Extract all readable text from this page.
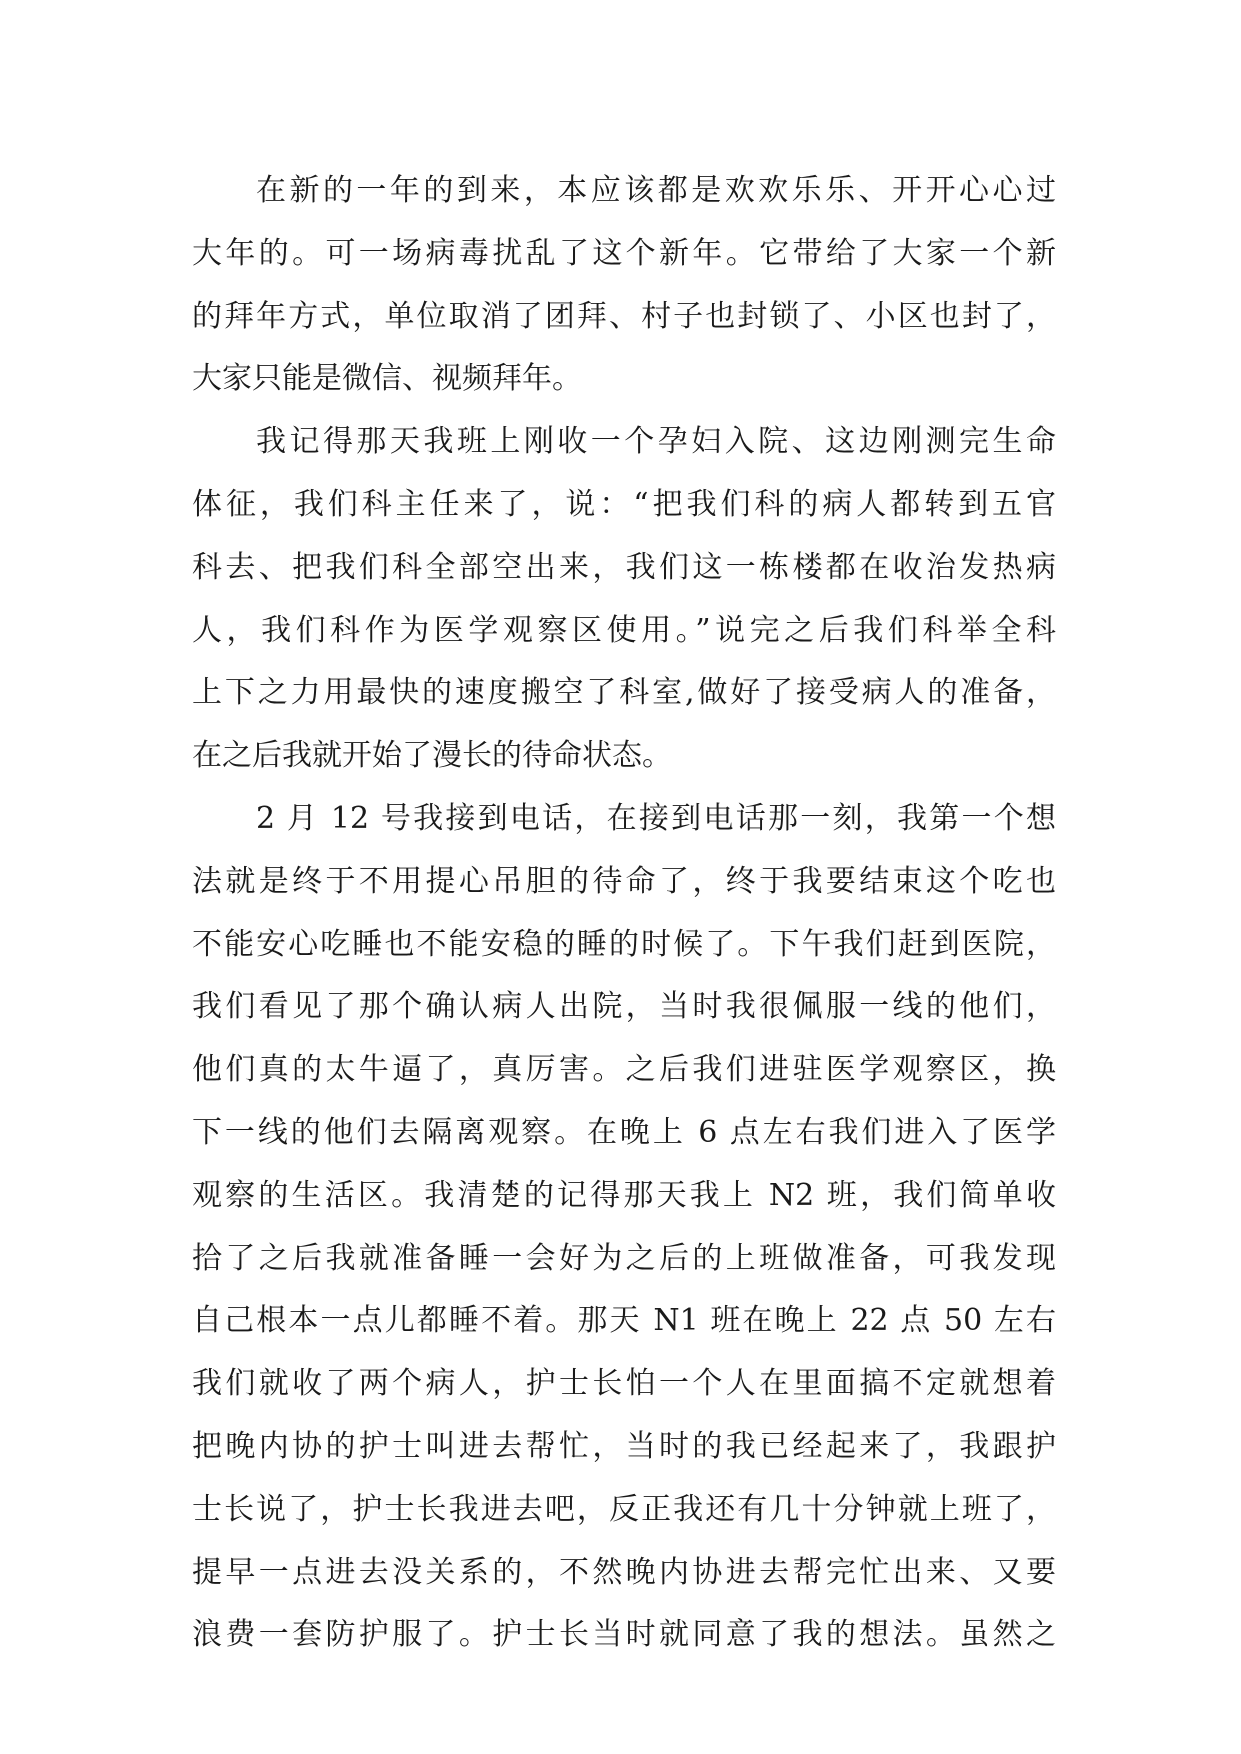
在新的一年的到来，本应该都是欢欢乐乐、开开心心过
大年的。可一场病毒扰乱了这个新年。它带给了大家一个新
的拜年方式，单位取消了团拜、村子也封锁了、小区也封了，
大家只能是微信、视频拜年。
我记得那天我班上刚收一个孕妇入院、这边刚测完生命
体征，我们科主任来了，说：“把我们科的病人都转到五官
科去、把我们科全部空出来，我们这一栋楼都在收治发热病
人，我们科作为医学观察区使用。”说完之后我们科举全科
上下之力用最快的速度搬空了科室,做好了接受病人的准备，
在之后我就开始了漫长的待命状态。
2 月 12 号我接到电话，在接到电话那一刻，我第一个想
法就是终于不用提心吊胆的待命了，终于我要结束这个吃也
不能安心吃睡也不能安稳的睡的时候了。下午我们赶到医院，
我们看见了那个确认病人出院，当时我很佩服一线的他们，
他们真的太牛逼了，真厉害。之后我们进驻医学观察区，换
下一线的他们去隔离观察。在晚上 6 点左右我们进入了医学
观察的生活区。我清楚的记得那天我上 N2 班，我们简单收
拾了之后我就准备睡一会好为之后的上班做准备，可我发现
自己根本一点儿都睡不着。那天 N1 班在晚上 22 点 50 左右
我们就收了两个病人，护士长怕一个人在里面搞不定就想着
把晚内协的护士叫进去帮忙，当时的我已经起来了，我跟护
士长说了，护士长我进去吧，反正我还有几十分钟就上班了，
提早一点进去没关系的，不然晚内协进去帮完忙出来、又要
浪费一套防护服了。护士长当时就同意了我的想法。虽然之
